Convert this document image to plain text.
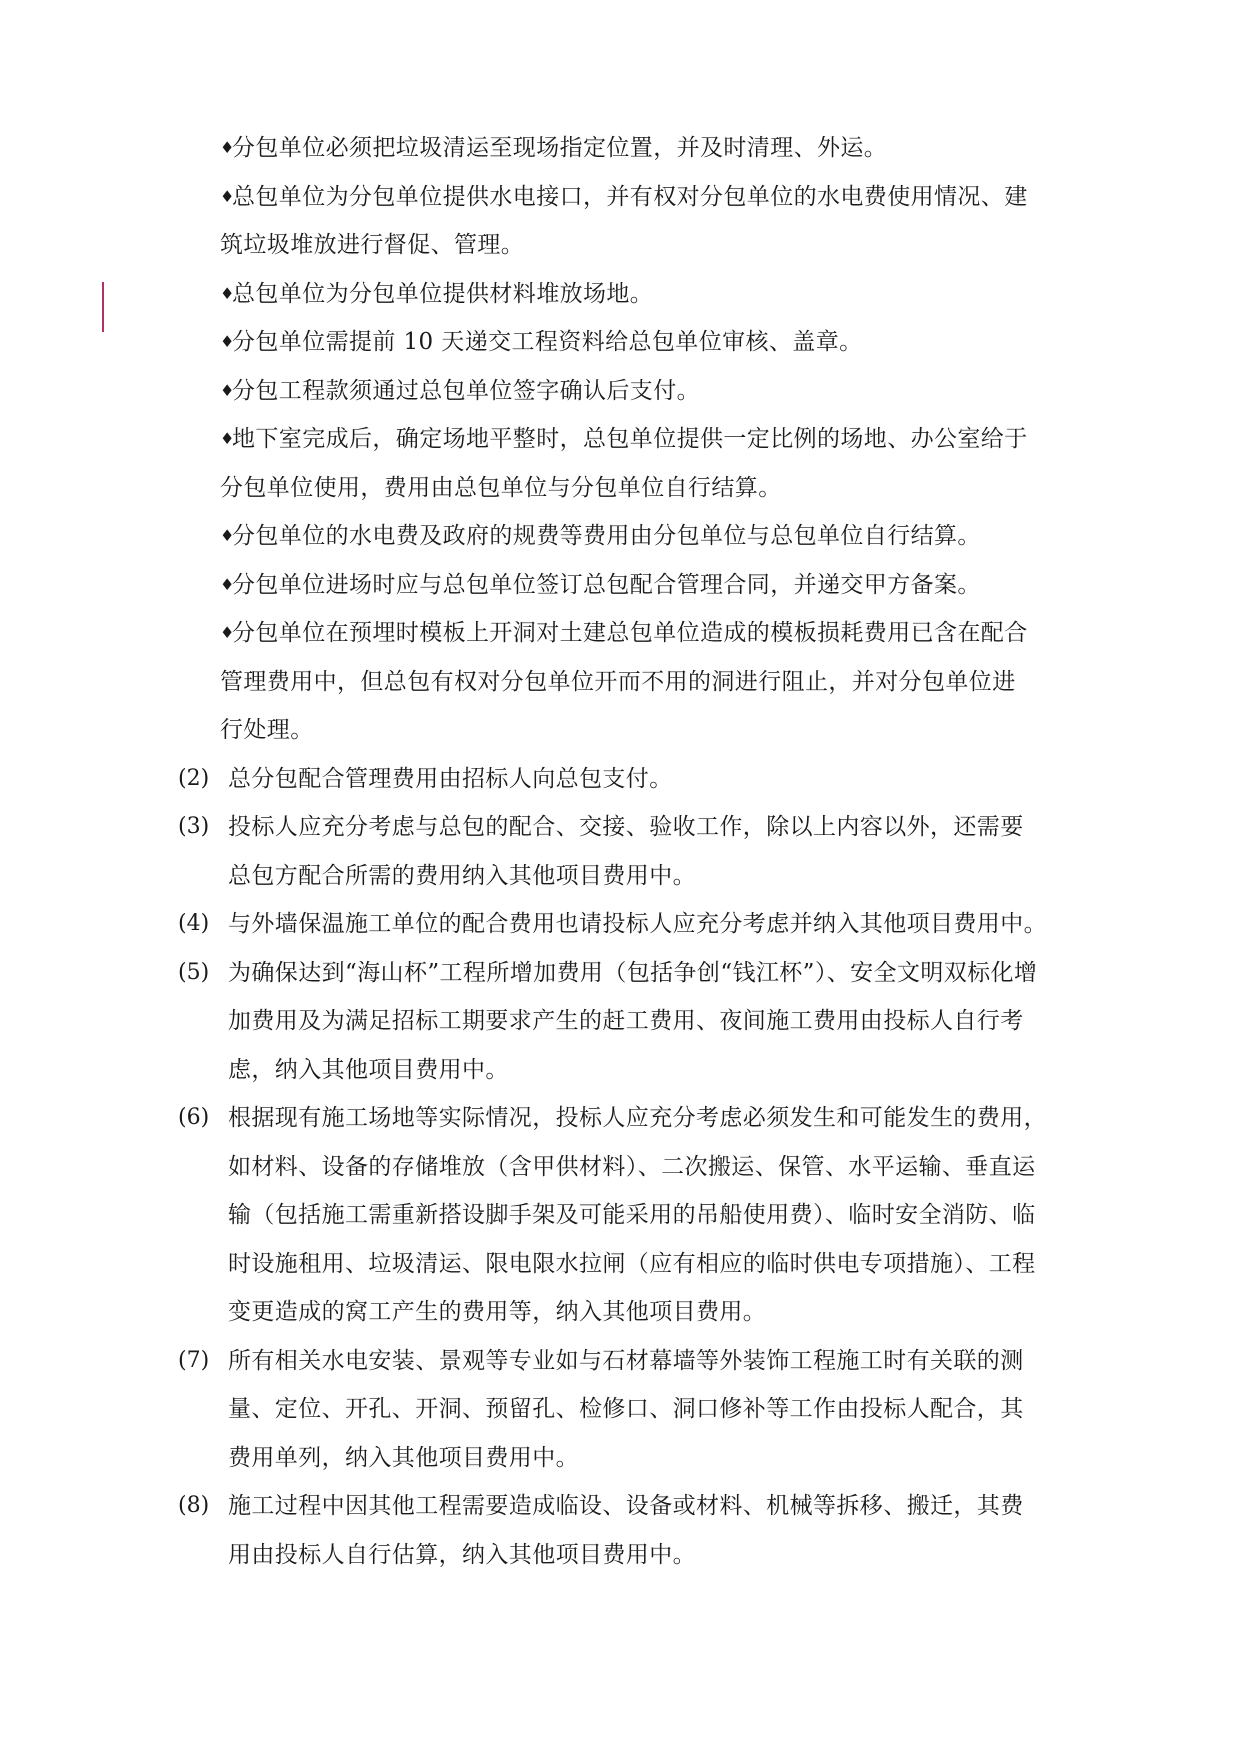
♦分包单位必须把垃圾清运至现场指定位置，并及时清理、外运。
♦总包单位为分包单位提供水电接口，并有权对分包单位的水电费使用情况、建
筑垃圾堆放进行督促、管理。
♦总包单位为分包单位提供材料堆放场地。
♦分包单位需提前 10 天递交工程资料给总包单位审核、盖章。
♦分包工程款须通过总包单位签字确认后支付。
♦地下室完成后，确定场地平整时，总包单位提供一定比例的场地、办公室给于
分包单位使用，费用由总包单位与分包单位自行结算。
♦分包单位的水电费及政府的规费等费用由分包单位与总包单位自行结算。
♦分包单位进场时应与总包单位签订总包配合管理合同，并递交甲方备案。
♦分包单位在预埋时模板上开洞对土建总包单位造成的模板损耗费用已含在配合
管理费用中，但总包有权对分包单位开而不用的洞进行阻止，并对分包单位进
行处理。
(2) 总分包配合管理费用由招标人向总包支付。
(3) 投标人应充分考虑与总包的配合、交接、验收工作，除以上内容以外，还需要
总包方配合所需的费用纳入其他项目费用中。
(4) 与外墙保温施工单位的配合费用也请投标人应充分考虑并纳入其他项目费用中。
(5) 为确保达到“海山杯”工程所增加费用（包括争创“钱江杯”）、安全文明双标化增
加费用及为满足招标工期要求产生的赶工费用、夜间施工费用由投标人自行考
虑，纳入其他项目费用中。
(6) 根据现有施工场地等实际情况，投标人应充分考虑必须发生和可能发生的费用，
如材料、设备的存储堆放（含甲供材料）、二次搬运、保管、水平运输、垂直运
输（包括施工需重新搭设脚手架及可能采用的吊船使用费）、临时安全消防、临
时设施租用、垃圾清运、限电限水拉闸（应有相应的临时供电专项措施）、工程
变更造成的窝工产生的费用等，纳入其他项目费用。
(7) 所有相关水电安装、景观等专业如与石材幕墙等外装饰工程施工时有关联的测
量、定位、开孔、开洞、预留孔、检修口、洞口修补等工作由投标人配合，其
费用单列，纳入其他项目费用中。
(8) 施工过程中因其他工程需要造成临设、设备或材料、机械等拆移、搬迁，其费
用由投标人自行估算，纳入其他项目费用中。
